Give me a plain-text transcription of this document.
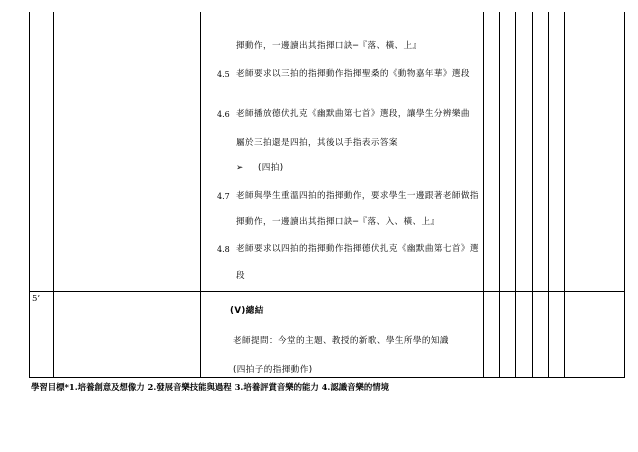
揮動作，一邊讀出其指揮口訣─『落、橫、上』
4.5 老師要求以三拍的指揮動作指揮聖桑的《動物嘉年華》選段
4.6 老師播放德伏扎克《幽默曲第七首》選段，讓學生分辨樂曲
屬於三拍還是四拍，其後以手指表示答案
➢ (四拍)
4.7 老師與學生重溫四拍的指揮動作，要求學生一邊跟著老師做指
揮動作，一邊讀出其指揮口訣─『落、入、橫、上』
4.8 老師要求以四拍的指揮動作指揮德伏扎克《幽默曲第七首》選
段
5’
(V)總結
老師提問：今堂的主題、教授的新歌、學生所學的知識
(四拍子的指揮動作)
學習目標*1.培養創意及想像力 2.發展音樂技能與過程 3.培養評賞音樂的能力 4.認識音樂的情境
